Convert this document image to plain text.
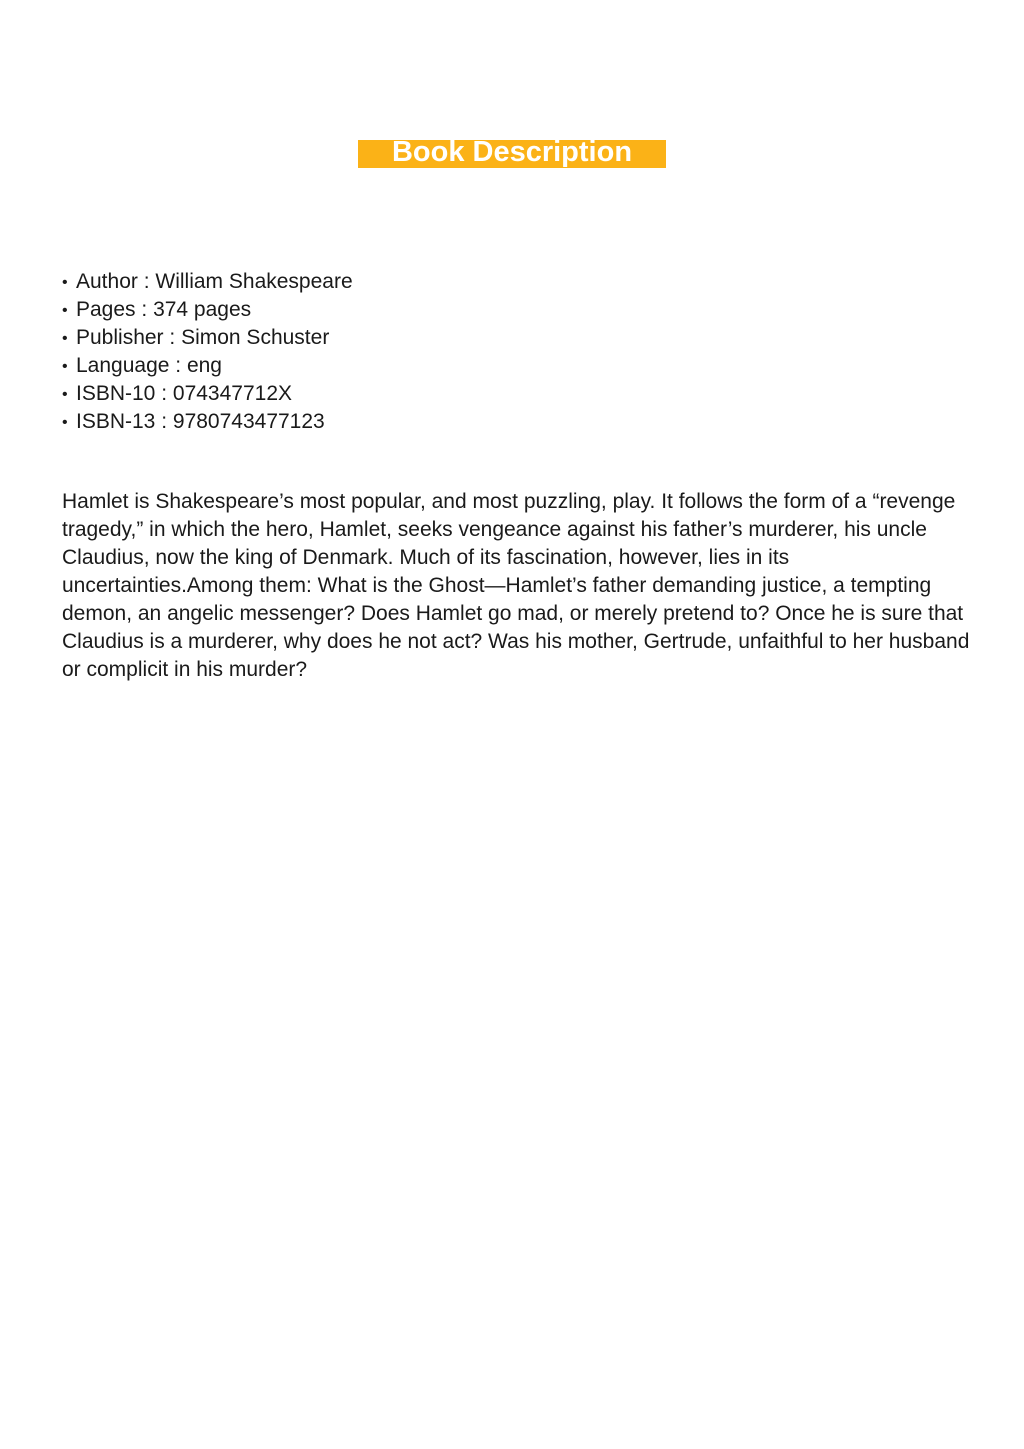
Book Description
• Author : William Shakespeare
• Pages : 374 pages
• Publisher : Simon Schuster
• Language : eng
• ISBN-10 : 074347712X
• ISBN-13 : 9780743477123

Hamlet is Shakespeare’s most popular, and most puzzling, play. It follows the form of a “revenge tragedy,” in which the hero, Hamlet, seeks vengeance against his father’s murderer, his uncle Claudius, now the king of Denmark. Much of its fascination, however, lies in its uncertainties.Among them: What is the Ghost—Hamlet’s father demanding justice, a tempting demon, an angelic messenger? Does Hamlet go mad, or merely pretend to? Once he is sure that Claudius is a murderer, why does he not act? Was his mother, Gertrude, unfaithful to her husband or complicit in his murder?
